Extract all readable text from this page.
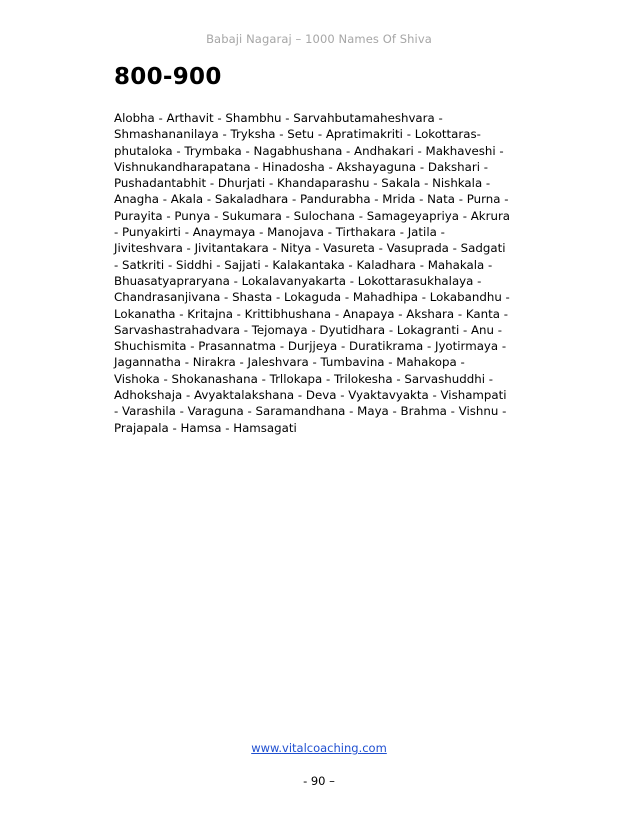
Babaji Nagaraj – 1000 Names Of Shiva
800-900

Alobha - Arthavit - Shambhu - Sarvahbutamaheshvara -
Shmashananilaya - Tryksha - Setu - Apratimakriti - Lokottaras-
phutaloka - Trymbaka - Nagabhushana - Andhakari - Makhaveshi -
Vishnukandharapatana - Hinadosha - Akshayaguna - Dakshari -
Pushadantabhit - Dhurjati - Khandaparashu - Sakala - Nishkala -
Anagha - Akala - Sakaladhara - Pandurabha - Mrida - Nata - Purna -
Purayita - Punya - Sukumara - Sulochana - Samageyapriya - Akrura
- Punyakirti - Anaymaya - Manojava - Tirthakara - Jatila -
Jiviteshvara - Jivitantakara - Nitya - Vasureta - Vasuprada - Sadgati
- Satkriti - Siddhi - Sajjati - Kalakantaka - Kaladhara - Mahakala -
Bhuasatyapraryana - Lokalavanyakarta - Lokottarasukhalaya -
Chandrasanjivana - Shasta - Lokaguda - Mahadhipa - Lokabandhu -
Lokanatha - Kritajna - Krittibhushana - Anapaya - Akshara - Kanta -
Sarvashastrahadvara - Tejomaya - Dyutidhara - Lokagranti - Anu -
Shuchismita - Prasannatma - Durjjeya - Duratikrama - Jyotirmaya -
Jagannatha - Nirakra - Jaleshvara - Tumbavina - Mahakopa -
Vishoka - Shokanashana - Trllokapa - Trilokesha - Sarvashuddhi -
Adhokshaja - Avyaktalakshana - Deva - Vyaktavyakta - Vishampati
- Varashila - Varaguna - Saramandhana - Maya - Brahma - Vishnu -
Prajapala - Hamsa - Hamsagati

www.vitalcoaching.com
- 90 –
